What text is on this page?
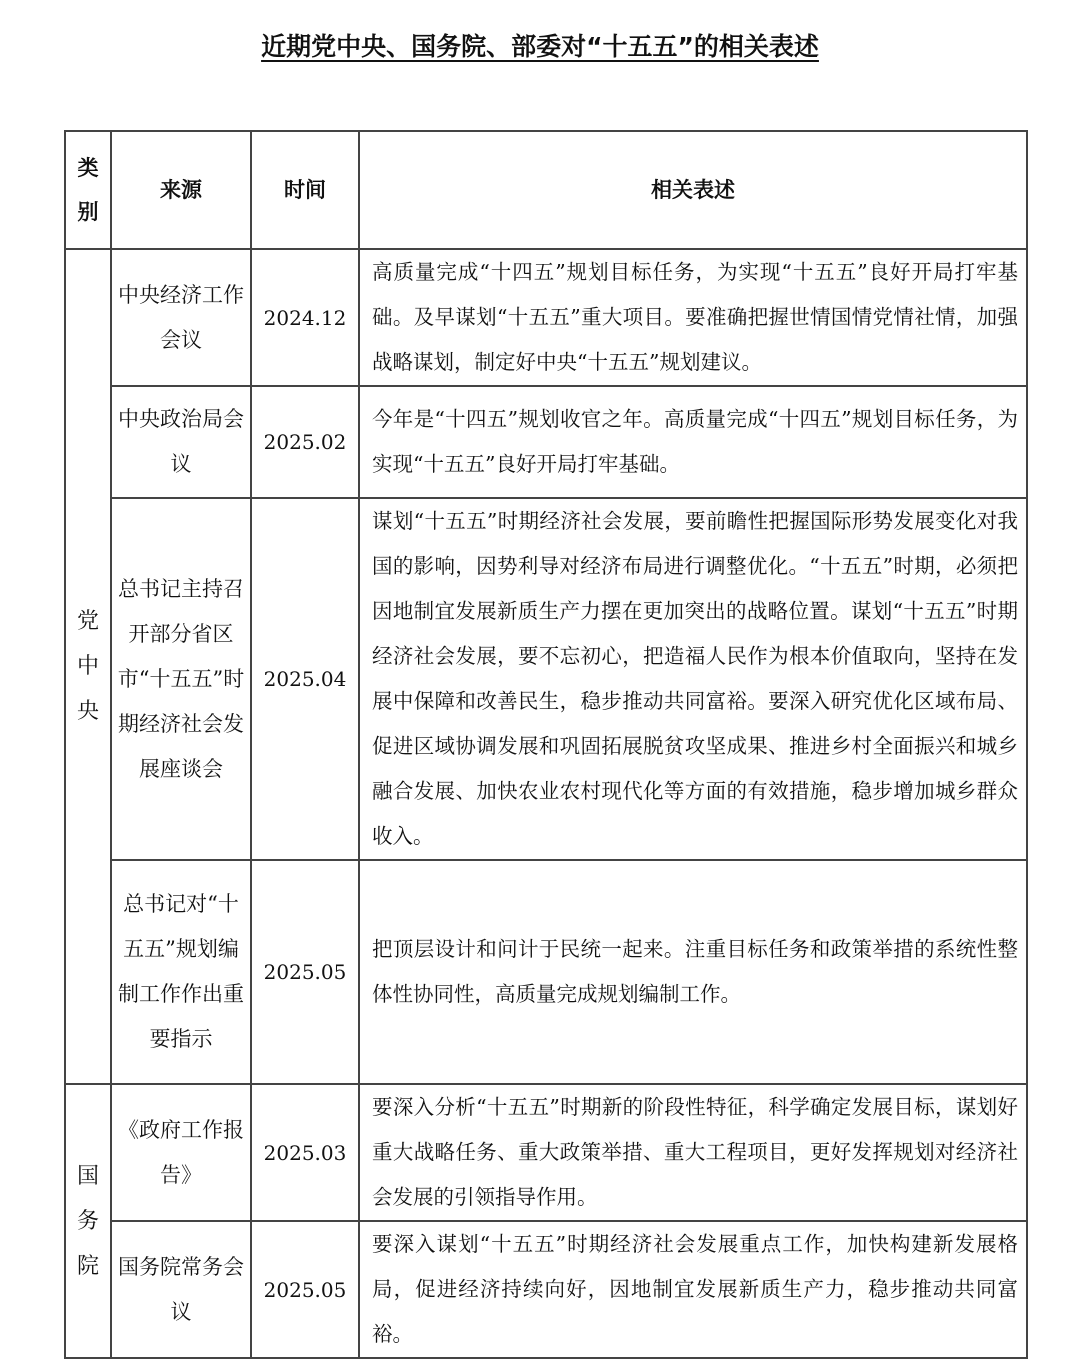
近期党中央、国务院、部委对“十五五”的相关表述
类别	来源	时间	相关表述
党中央	中央经济工作会议	2024.12	高质量完成“十四五”规划目标任务，为实现“十五五”良好开局打牢基础。及早谋划“十五五”重大项目。要准确把握世情国情党情社情，加强战略谋划，制定好中央“十五五”规划建议。
	中央政治局会议	2025.02	今年是“十四五”规划收官之年。高质量完成“十四五”规划目标任务，为实现“十五五”良好开局打牢基础。
	总书记主持召开部分省区市“十五五”时期经济社会发展座谈会	2025.04	谋划“十五五”时期经济社会发展，要前瞻性把握国际形势发展变化对我国的影响，因势利导对经济布局进行调整优化。“十五五”时期，必须把因地制宜发展新质生产力摆在更加突出的战略位置。谋划“十五五”时期经济社会发展，要不忘初心，把造福人民作为根本价值取向，坚持在发展中保障和改善民生，稳步推动共同富裕。要深入研究优化区域布局、促进区域协调发展和巩固拓展脱贫攻坚成果、推进乡村全面振兴和城乡融合发展、加快农业农村现代化等方面的有效措施，稳步增加城乡群众收入。
	总书记对“十五五”规划编制工作作出重要指示	2025.05	把顶层设计和问计于民统一起来。注重目标任务和政策举措的系统性整体性协同性，高质量完成规划编制工作。
国务院	《政府工作报告》	2025.03	要深入分析“十五五”时期新的阶段性特征，科学确定发展目标，谋划好重大战略任务、重大政策举措、重大工程项目，更好发挥规划对经济社会发展的引领指导作用。
	国务院常务会议	2025.05	要深入谋划“十五五”时期经济社会发展重点工作，加快构建新发展格局，促进经济持续向好，因地制宜发展新质生产力，稳步推动共同富裕。
